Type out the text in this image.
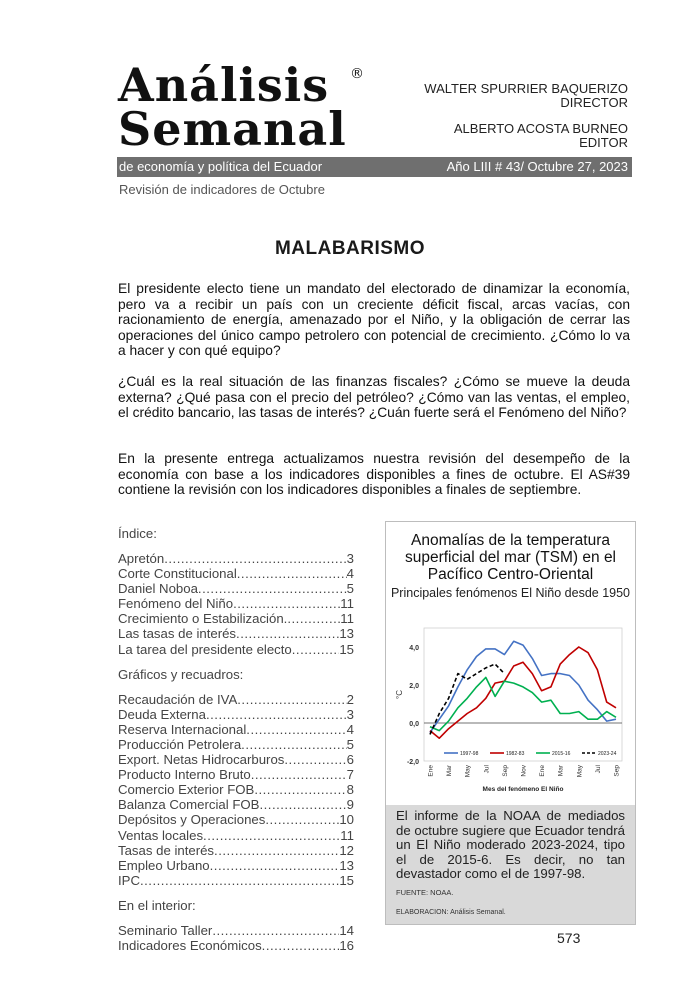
Análisis
Semanal
®
WALTER SPURRIER BAQUERIZO
DIRECTOR
ALBERTO ACOSTA BURNEO
EDITOR
de economía y política del Ecuador	Año LIII # 43/ Octubre 27, 2023
Revisión de indicadores de Octubre
MALABARISMO
El presidente electo tiene un mandato del electorado de dinamizar la economía, pero va a recibir un país con un creciente déficit fiscal, arcas vacías, con racionamiento de energía, amenazado por el Niño, y la obligación de cerrar las operaciones del único campo petrolero con potencial de crecimiento. ¿Cómo lo va a hacer y con qué equipo?
¿Cuál es la real situación de las finanzas fiscales? ¿Cómo se mueve la deuda externa? ¿Qué pasa con el precio del petróleo? ¿Cómo van las ventas, el empleo, el crédito bancario, las tasas de interés? ¿Cuán fuerte será el Fenómeno del Niño?
En la presente entrega actualizamos nuestra revisión del desempeño de la economía con base a los indicadores disponibles a fines de octubre. El AS#39 contiene la revisión con los indicadores disponibles a finales de septiembre.
Índice:
Apretón .....	3
Corte Constitucional .....	4
Daniel Noboa .....	5
Fenómeno del Niño .....	11
Crecimiento o Estabilización. .....	11
Las tasas de interés .....	13
La tarea del presidente electo .....	15
Gráficos y recuadros:
Recaudación de IVA .....	2
Deuda Externa .....	3
Reserva Internacional .....	4
Producción Petrolera .....	5
Export. Netas Hidrocarburos .....	6
Producto Interno Bruto .....	7
Comercio Exterior FOB .....	8
Balanza Comercial FOB .....	9
Depósitos y Operaciones .....	10
Ventas locales .....	11
Tasas de interés .....	12
Empleo Urbano .....	13
IPC .....	15
En el interior:
Seminario Taller .....	14
Indicadores Económicos .....	16
Anomalías de la temperatura superficial del mar (TSM) en el Pacífico Centro-Oriental
Principales fenómenos El Niño desde 1950
4,0
2,0
0,0
-2,0
°C
1997-98	1982-83	2015-16	2023-24
Ene Mar May Jul Sep Nov Ene Mar May Jul Sep
Mes del fenómeno El Niño
El informe de la NOAA de mediados de octubre sugiere que Ecuador tendrá un El Niño moderado 2023-2024, tipo el de 2015-6. Es decir, no tan devastador como el de 1997-98.
FUENTE: NOAA.
ELABORACION: Análisis Semanal.
573
